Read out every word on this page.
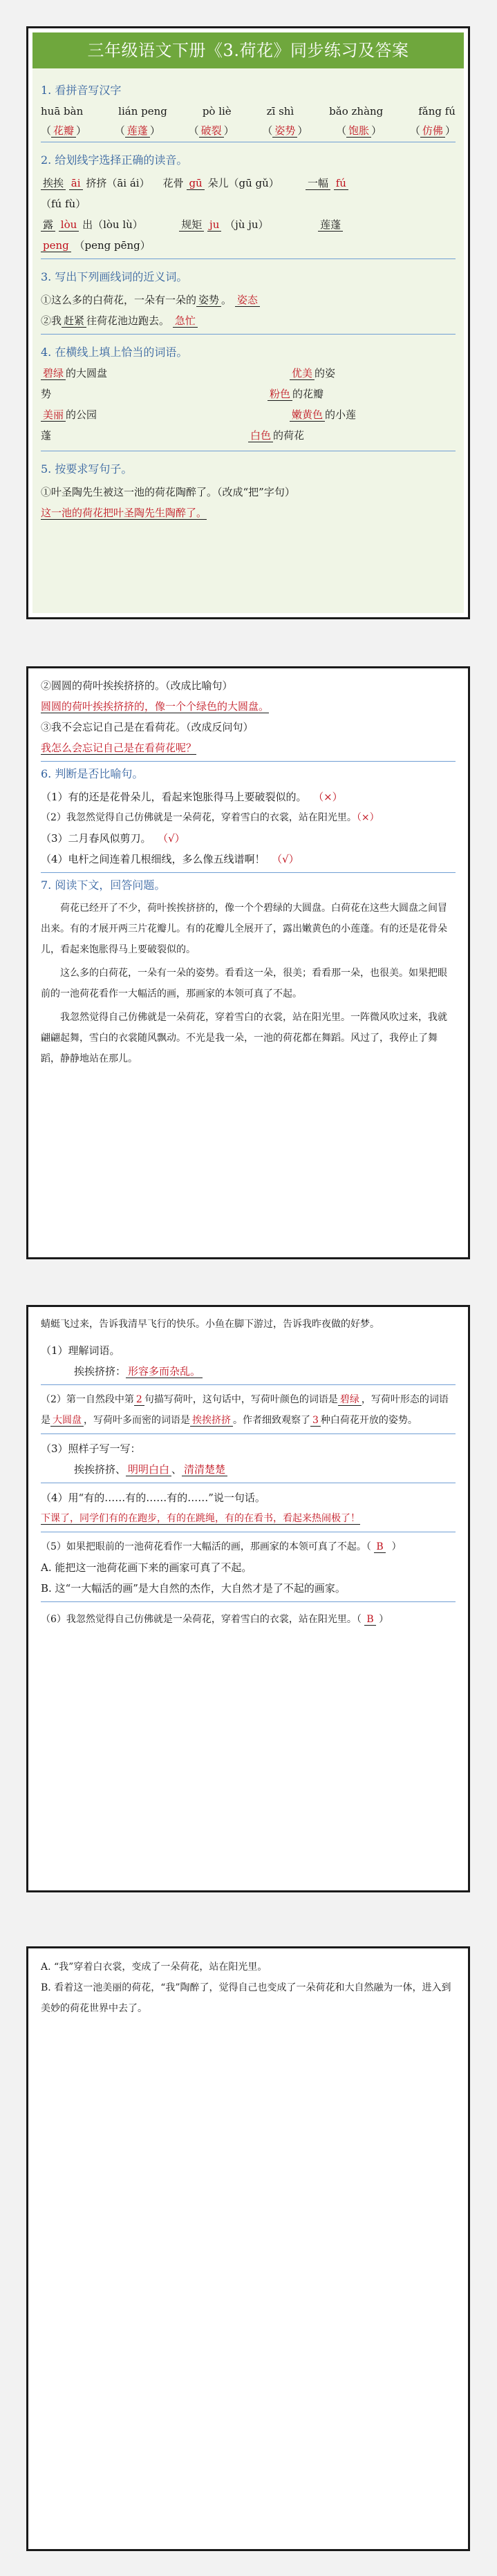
三年级语文下册《3.荷花》同步练习及答案
1. 看拼音写汉字
huā bàn	lián peng	pò liè	zī shì	bǎo zhàng	fǎng fú
（ 花瓣 ）	（ 莲蓬 ）	（ 破裂 ）	（ 姿势 ）	（ 饱胀 ）	（ 仿佛 ）
2. 给划线字选择正确的读音。
挨挨 āi 挤挤（āi ái） 花骨 gū 朵儿（gū gǔ）	一幅 fú
（fú fù）
露 lòu 出（lòu lù）	规矩 ju （jù ju）	莲蓬
peng （peng pēng）
3. 写出下列画线词的近义词。
①这么多的白荷花，一朵有一朵的 姿势 。 姿态
②我 赶紧 往荷花池边跑去。 急忙
4. 在横线上填上恰当的词语。
碧绿 的大圆盘	优美 的姿
势	粉色 的花瓣
美丽 的公园	嫩黄色 的小莲
蓬	白色 的荷花
5. 按要求写句子。
①叶圣陶先生被这一池的荷花陶醉了。（改成“把”字句）
这一池的荷花把叶圣陶先生陶醉了。
②圆圆的荷叶挨挨挤挤的。（改成比喻句）
圆圆的荷叶挨挨挤挤的，像一个个绿色的大圆盘。
③我不会忘记自己是在看荷花。（改成反问句）
我怎么会忘记自己是在看荷花呢？
6. 判断是否比喻句。
（1）有的还是花骨朵儿，看起来饱胀得马上要破裂似的。 （×）
（2）我忽然觉得自己仿佛就是一朵荷花，穿着雪白的衣裳，站在阳光里。（×）
（3）二月春风似剪刀。 （√）
（4）电杆之间连着几根细线，多么像五线谱啊！ （√）
7. 阅读下文，回答问题。

荷花已经开了不少，荷叶挨挨挤挤的，像一个个碧绿的大圆盘。白荷花在这些大圆盘之间冒出来。有的才展开两三片花瓣儿。有的花瓣儿全展开了，露出嫩黄色的小莲蓬。有的还是花骨朵儿，看起来饱胀得马上要破裂似的。

这么多的白荷花，一朵有一朵的姿势。看看这一朵，很美；看看那一朵，也很美。如果把眼前的一池荷花看作一大幅活的画，那画家的本领可真了不起。

我忽然觉得自己仿佛就是一朵荷花，穿着雪白的衣裳，站在阳光里。一阵微风吹过来，我就翩翩起舞，雪白的衣裳随风飘动。不光是我一朵，一池的荷花都在舞蹈。风过了，我停止了舞蹈，静静地站在那儿。

蜻蜓飞过来，告诉我清早飞行的快乐。小鱼在脚下游过，告诉我昨夜做的好梦。

（1）理解词语。
挨挨挤挤： 形容多而杂乱。
（2）第一自然段中第 2 句描写荷叶，这句话中，写荷叶颜色的词语是 碧绿 ，写荷叶形态的词语是 大圆盘 ，写荷叶多而密的词语是 挨挨挤挤 。作者细致观察了 3 种白荷花开放的姿势。
（3）照样子写一写：
挨挨挤挤、 明明白白 、 清清楚楚
（4）用“有的……有的……有的……”说一句话。
下课了，同学们有的在跑步，有的在跳绳，有的在看书，看起来热闹极了！
（5）如果把眼前的一池荷花看作一大幅活的画，那画家的本领可真了不起。（ B ）
A. 能把这一池荷花画下来的画家可真了不起。
B. 这“一大幅活的画”是大自然的杰作，大自然才是了不起的画家。
（6）我忽然觉得自己仿佛就是一朵荷花，穿着雪白的衣裳，站在阳光里。（ B ）
A. “我”穿着白衣裳，变成了一朵荷花，站在阳光里。
B. 看着这一池美丽的荷花，“我”陶醉了，觉得自己也变成了一朵荷花和大自然融为一体，进入到美妙的荷花世界中去了。
